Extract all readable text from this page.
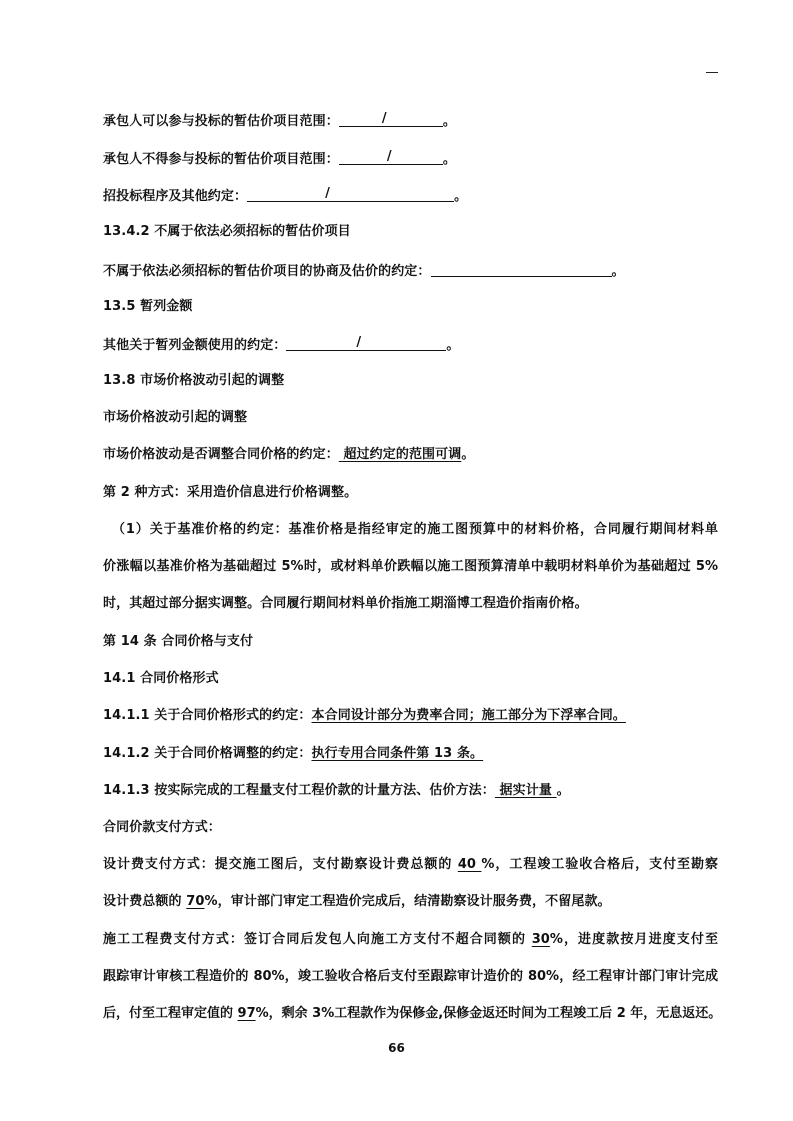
承包人可以参与投标的暂估价项目范围：	/	。
承包人不得参与投标的暂估价项目范围：	/	。
招投标程序及其他约定：	/	。
13.4.2 不属于依法必须招标的暂估价项目
不属于依法必须招标的暂估价项目的协商及估价的约定：	。
13.5 暂列金额
其他关于暂列金额使用的约定：	/	。
13.8 市场价格波动引起的调整
市场价格波动引起的调整
市场价格波动是否调整合同价格的约定： 超过约定的范围可调。
第 2 种方式：采用造价信息进行价格调整。
（1）关于基准价格的约定：基准价格是指经审定的施工图预算中的材料价格，合同履行期间材料单
价涨幅以基准价格为基础超过 5%时，或材料单价跌幅以施工图预算清单中载明材料单价为基础超过 5%
时，其超过部分据实调整。合同履行期间材料单价指施工期淄博工程造价指南价格。
第 14 条 合同价格与支付
14.1 合同价格形式
14.1.1 关于合同价格形式的约定：本合同设计部分为费率合同；施工部分为下浮率合同。
14.1.2 关于合同价格调整的约定：执行专用合同条件第 13 条。
14.1.3 按实际完成的工程量支付工程价款的计量方法、估价方法： 据实计量 。
合同价款支付方式：
设计费支付方式：提交施工图后，支付勘察设计费总额的 40 %，工程竣工验收合格后，支付至勘察
设计费总额的 70%，审计部门审定工程造价完成后，结清勘察设计服务费，不留尾款。
施工工程费支付方式：签订合同后发包人向施工方支付不超合同额的 30%，进度款按月进度支付至
跟踪审计审核工程造价的 80%，竣工验收合格后支付至跟踪审计造价的 80%，经工程审计部门审计完成
后，付至工程审定值的 97%，剩余 3%工程款作为保修金,保修金返还时间为工程竣工后 2 年，无息返还。
66
